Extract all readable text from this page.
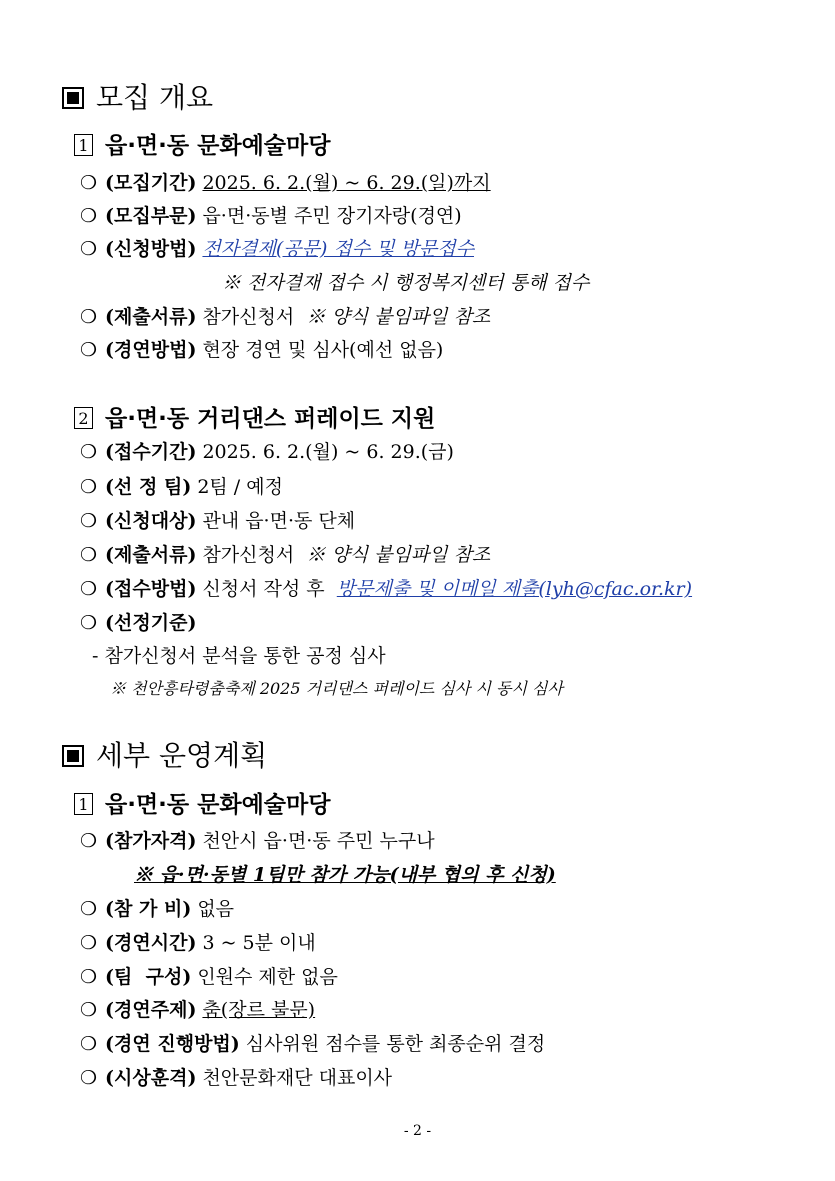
모집 개요
1 읍·면·동 문화예술마당
❍ (모집기간) 2025. 6. 2.(월) ~ 6. 29.(일)까지
❍ (모집부문) 읍·면·동별 주민 장기자랑(경연)
❍ (신청방법) 전자결제(공문) 접수 및 방문접수
※ 전자결재 접수 시 행정복지센터 통해 접수
❍ (제출서류) 참가신청서 ※ 양식 붙임파일 참조
❍ (경연방법) 현장 경연 및 심사(예선 없음)
2 읍·면·동 거리댄스 퍼레이드 지원
❍ (접수기간) 2025. 6. 2.(월) ~ 6. 29.(금)
❍ (선 정 팀) 2팀 / 예정
❍ (신청대상) 관내 읍·면·동 단체
❍ (제출서류) 참가신청서 ※ 양식 붙임파일 참조
❍ (접수방법) 신청서 작성 후 방문제출 및 이메일 제출(lyh@cfac.or.kr)
❍ (선정기준)
- 참가신청서 분석을 통한 공정 심사
※ 천안흥타령춤축제 2025 거리댄스 퍼레이드 심사 시 동시 심사
세부 운영계획
1 읍·면·동 문화예술마당
❍ (참가자격) 천안시 읍·면·동 주민 누구나
※ 읍·면·동별 1팀만 참가 가능(내부 협의 후 신청)
❍ (참 가 비) 없음
❍ (경연시간) 3 ~ 5분 이내
❍ (팀  구성) 인원수 제한 없음
❍ (경연주제) 춤(장르 불문)
❍ (경연 진행방법) 심사위원 점수를 통한 최종순위 결정
❍ (시상훈격) 천안문화재단 대표이사
- 2 -
